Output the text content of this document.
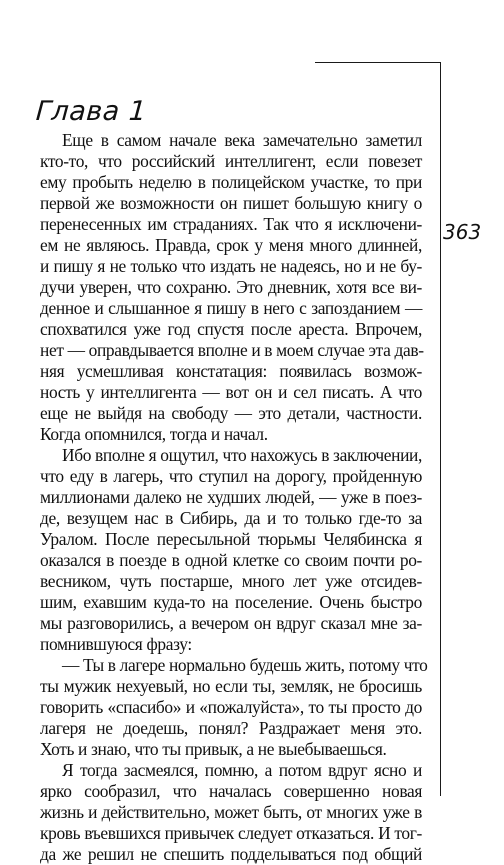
Глава 1
363
Еще в самом начале века замечательно заметил
кто-то, что российский интеллигент, если повезет
ему пробыть неделю в полицейском участке, то при
первой же возможности он пишет большую книгу о
перенесенных им страданиях. Так что я исключени-
ем не являюсь. Правда, срок у меня много длинней,
и пишу я не только что издать не надеясь, но и не бу-
дучи уверен, что сохраню. Это дневник, хотя все ви-
денное и слышанное я пишу в него с запозданием —
спохватился уже год спустя после ареста. Впрочем,
нет — оправдывается вполне и в моем случае эта дав-
няя усмешливая констатация: появилась возмож-
ность у интеллигента — вот он и сел писать. А что
еще не выйдя на свободу — это детали, частности.
Когда опомнился, тогда и начал.
Ибо вполне я ощутил, что нахожусь в заключении,
что еду в лагерь, что ступил на дорогу, пройденную
миллионами далеко не худших людей, — уже в поез-
де, везущем нас в Сибирь, да и то только где-то за
Уралом. После пересыльной тюрьмы Челябинска я
оказался в поезде в одной клетке со своим почти ро-
весником, чуть постарше, много лет уже отсидев-
шим, ехавшим куда-то на поселение. Очень быстро
мы разговорились, а вечером он вдруг сказал мне за-
помнившуюся фразу:
— Ты в лагере нормально будешь жить, потому что
ты мужик нехуевый, но если ты, земляк, не бросишь
говорить «спасибо» и «пожалуйста», то ты просто до
лагеря не доедешь, понял? Раздражает меня это.
Хоть и знаю, что ты привык, а не выебываешься.
Я тогда засмеялся, помню, а потом вдруг ясно и
ярко сообразил, что началась совершенно новая
жизнь и действительно, может быть, от многих уже в
кровь въевшихся привычек следует отказаться. И тог-
да же решил не спешить подделываться под общий
